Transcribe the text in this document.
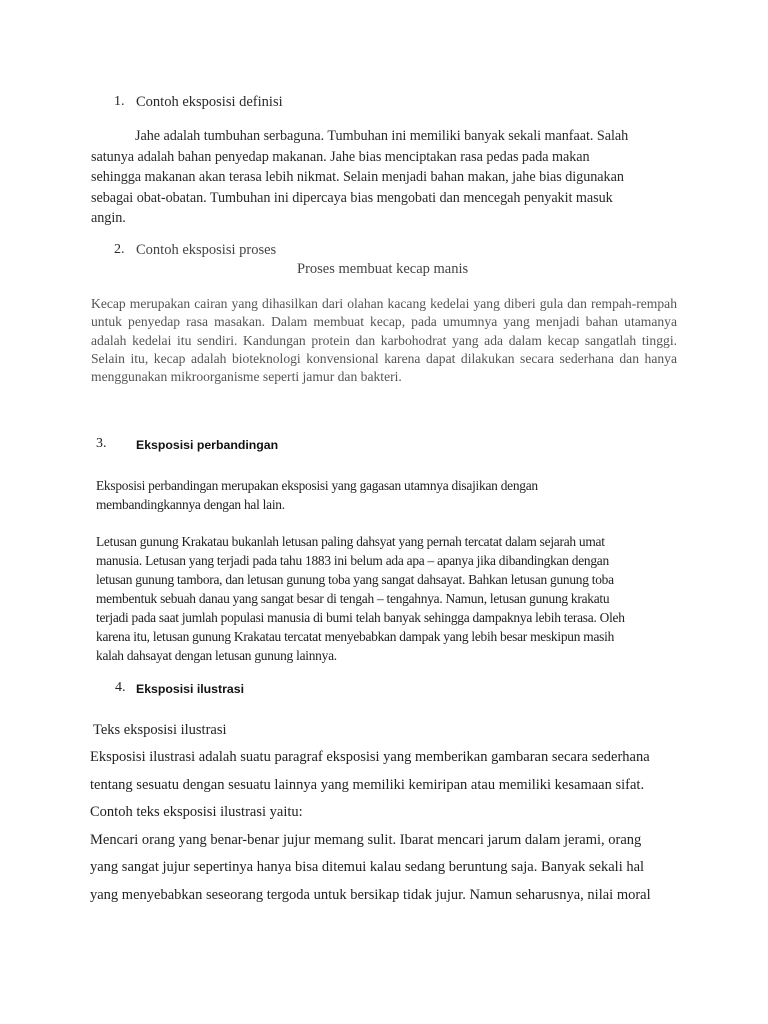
1. Contoh eksposisi definisi
Jahe adalah tumbuhan serbaguna. Tumbuhan ini memiliki banyak sekali manfaat. Salah
satunya adalah bahan penyedap makanan. Jahe bias menciptakan rasa pedas pada makan
sehingga makanan akan terasa lebih nikmat. Selain menjadi bahan makan, jahe bias digunakan
sebagai obat-obatan. Tumbuhan ini dipercaya bias mengobati dan mencegah penyakit masuk
angin.
2. Contoh eksposisi proses
Proses membuat kecap manis

Kecap merupakan cairan yang dihasilkan dari olahan kacang kedelai yang diberi gula dan rempah-rempah untuk penyedap rasa masakan. Dalam membuat kecap, pada umumnya yang menjadi bahan utamanya adalah kedelai itu sendiri. Kandungan protein dan karbohodrat yang ada dalam kecap sangatlah tinggi. Selain itu, kecap adalah bioteknologi konvensional karena dapat dilakukan secara sederhana dan hanya menggunakan mikroorganisme seperti jamur dan bakteri.

3. Eksposisi perbandingan
Eksposisi perbandingan merupakan eksposisi yang gagasan utamnya disajikan dengan
membandingkannya dengan hal lain.
Letusan gunung Krakatau bukanlah letusan paling dahsyat yang pernah tercatat dalam sejarah umat
manusia. Letusan yang terjadi pada tahu 1883 ini belum ada apa – apanya jika dibandingkan dengan
letusan gunung tambora, dan letusan gunung toba yang sangat dahsayat. Bahkan letusan gunung toba
membentuk sebuah danau yang sangat besar di tengah – tengahnya. Namun, letusan gunung krakatu
terjadi pada saat jumlah populasi manusia di bumi telah banyak sehingga dampaknya lebih terasa. Oleh
karena itu, letusan gunung Krakatau tercatat menyebabkan dampak yang lebih besar meskipun masih
kalah dahsayat dengan letusan gunung lainnya.
4. Eksposisi ilustrasi
Teks eksposisi ilustrasi
Eksposisi ilustrasi adalah suatu paragraf eksposisi yang memberikan gambaran secara sederhana
tentang sesuatu dengan sesuatu lainnya yang memiliki kemiripan atau memiliki kesamaan sifat.
Contoh teks eksposisi ilustrasi yaitu:
Mencari orang yang benar-benar jujur memang sulit. Ibarat mencari jarum dalam jerami, orang
yang sangat jujur sepertinya hanya bisa ditemui kalau sedang beruntung saja. Banyak sekali hal
yang menyebabkan seseorang tergoda untuk bersikap tidak jujur. Namun seharusnya, nilai moral
